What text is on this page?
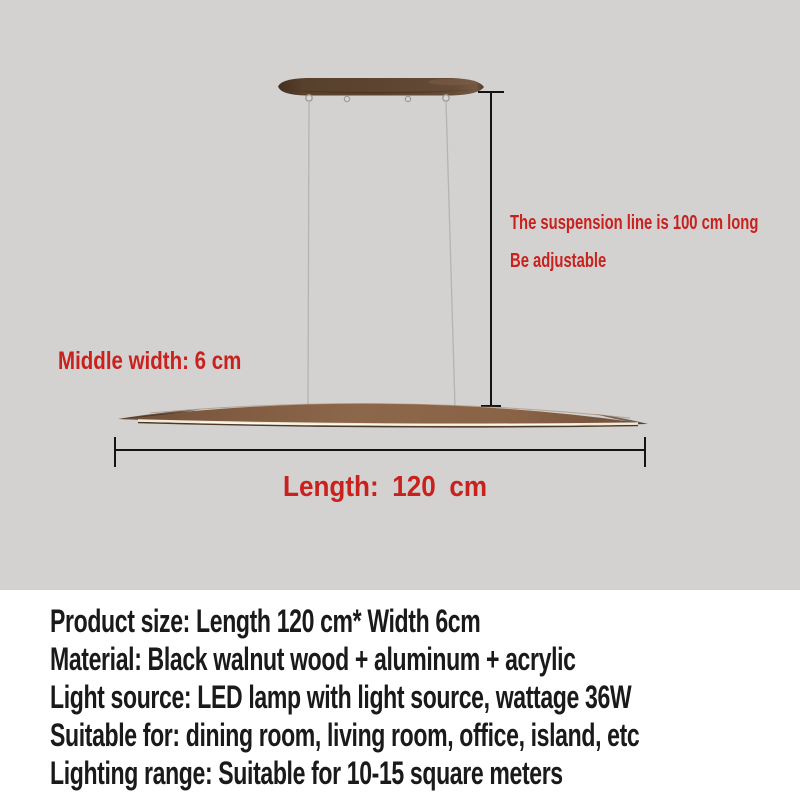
The suspension line is 100 cm long
Be adjustable
Middle width: 6 cm
Length: 120 cm
Product size: Length 120 cm* Width 6cm
Material: Black walnut wood + aluminum + acrylic
Light source: LED lamp with light source, wattage 36W
Suitable for: dining room, living room, office, island, etc
Lighting range: Suitable for 10-15 square meters
